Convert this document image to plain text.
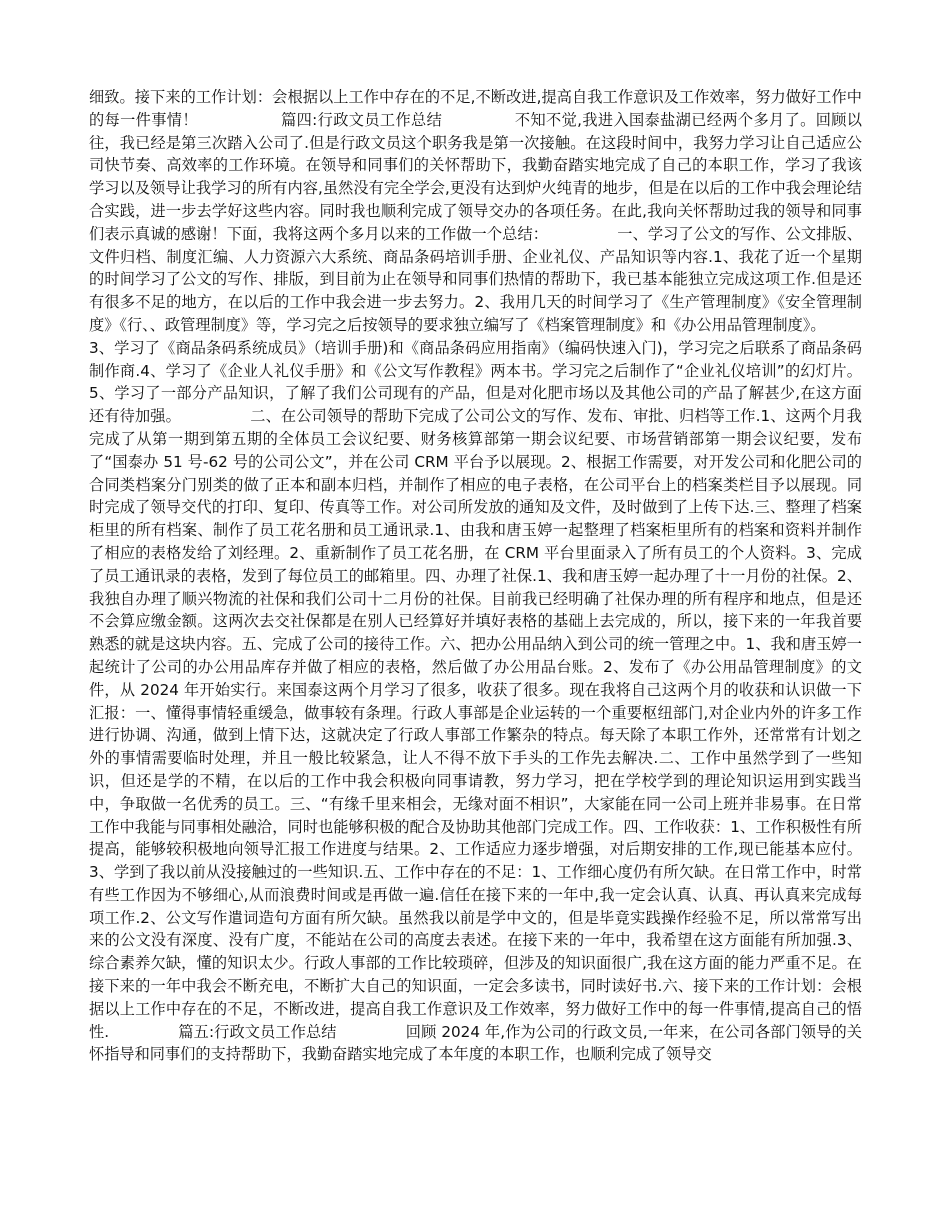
细致。接下来的工作计划：会根据以上工作中存在的不足,不断改进,提高自我工作意识及工作效率，努力做好工作中的每一件事情！                篇四:行政文员工作总结              不知不觉,我进入国泰盐湖已经两个多月了。回顾以往，我已经是第三次踏入公司了.但是行政文员这个职务我是第一次接触。在这段时间中，我努力学习让自己适应公司快节奏、高效率的工作环境。在领导和同事们的关怀帮助下，我勤奋踏实地完成了自己的本职工作，学习了我该学习以及领导让我学习的所有内容,虽然没有完全学会,更没有达到炉火纯青的地步，但是在以后的工作中我会理论结合实践，进一步去学好这些内容。同时我也顺利完成了领导交办的各项任务。在此,我向关怀帮助过我的领导和同事们表示真诚的感谢！下面，我将这两个多月以来的工作做一个总结：              一、学习了公文的写作、公文排版、文件归档、制度汇编、人力资源六大系统、商品条码培训手册、企业礼仪、产品知识等内容.1、我花了近一个星期的时间学习了公文的写作、排版，到目前为止在领导和同事们热情的帮助下，我已基本能独立完成这项工作.但是还有很多不足的地方，在以后的工作中我会进一步去努力。2、我用几天的时间学习了《生产管理制度》《安全管理制度》《行、、政管理制度》等，学习完之后按领导的要求独立编写了《档案管理制度》和《办公用品管理制度》。
3、学习了《商品条码系统成员》（培训手册)和《商品条码应用指南》（编码快速入门)，学习完之后联系了商品条码制作商.4、学习了《企业人礼仪手册》和《公文写作教程》两本书。学习完之后制作了“企业礼仪培训”的幻灯片。5、学习了一部分产品知识，了解了我们公司现有的产品，但是对化肥市场以及其他公司的产品了解甚少,在这方面还有待加强。              二、在公司领导的帮助下完成了公司公文的写作、发布、审批、归档等工作.1、这两个月我完成了从第一期到第五期的全体员工会议纪要、财务核算部第一期会议纪要、市场营销部第一期会议纪要，发布了“国泰办 51 号-62 号的公司公文”，并在公司 CRM 平台予以展现。2、根据工作需要，对开发公司和化肥公司的合同类档案分门别类的做了正本和副本归档，并制作了相应的电子表格，在公司平台上的档案类栏目予以展现。同时完成了领导交代的打印、复印、传真等工作。对公司所发放的通知及文件，及时做到了上传下达.三、整理了档案柜里的所有档案、制作了员工花名册和员工通讯录.1、由我和唐玉婷一起整理了档案柜里所有的档案和资料并制作了相应的表格发给了刘经理。2、重新制作了员工花名册，在 CRM 平台里面录入了所有员工的个人资料。3、完成了员工通讯录的表格，发到了每位员工的邮箱里。四、办理了社保.1、我和唐玉婷一起办理了十一月份的社保。2、我独自办理了顺兴物流的社保和我们公司十二月份的社保。目前我已经明确了社保办理的所有程序和地点，但是还不会算应缴金额。这两次去交社保都是在别人已经算好并填好表格的基础上去完成的，所以，接下来的一年我首要熟悉的就是这块内容。五、完成了公司的接待工作。六、把办公用品纳入到公司的统一管理之中。1、我和唐玉婷一起统计了公司的办公用品库存并做了相应的表格，然后做了办公用品台账。2、发布了《办公用品管理制度》的文件，从 2024 年开始实行。来国泰这两个月学习了很多，收获了很多。现在我将自己这两个月的收获和认识做一下汇报：一、懂得事情轻重缓急，做事较有条理。行政人事部是企业运转的一个重要枢纽部门,对企业内外的许多工作进行协调、沟通，做到上情下达，这就决定了行政人事部工作繁杂的特点。每天除了本职工作外，还常常有计划之外的事情需要临时处理，并且一般比较紧急，让人不得不放下手头的工作先去解决.二、工作中虽然学到了一些知识，但还是学的不精，在以后的工作中我会积极向同事请教，努力学习，把在学校学到的理论知识运用到实践当中，争取做一名优秀的员工。三、“有缘千里来相会，无缘对面不相识”，大家能在同一公司上班并非易事。在日常工作中我能与同事相处融洽，同时也能够积极的配合及协助其他部门完成工作。四、工作收获：1、工作积极性有所提高，能够较积极地向领导汇报工作进度与结果。2、工作适应力逐步增强，对后期安排的工作,现已能基本应付。3、学到了我以前从没接触过的一些知识.五、工作中存在的不足：1、工作细心度仍有所欠缺。在日常工作中，时常有些工作因为不够细心,从而浪费时间或是再做一遍.信任在接下来的一年中,我一定会认真、认真、再认真来完成每项工作.2、公文写作遣词造句方面有所欠缺。虽然我以前是学中文的，但是毕竟实践操作经验不足，所以常常写出来的公文没有深度、没有广度，不能站在公司的高度去表述。在接下来的一年中，我希望在这方面能有所加强.3、综合素养欠缺，懂的知识太少。行政人事部的工作比较琐碎，但涉及的知识面很广,我在这方面的能力严重不足。在接下来的一年中我会不断充电，不断扩大自己的知识面，一定会多读书，同时读好书.六、接下来的工作计划：会根据以上工作中存在的不足，不断改进，提高自我工作意识及工作效率，努力做好工作中的每一件事情,提高自己的悟性.              篇五:行政文员工作总结              回顾 2024 年,作为公司的行政文员,一年来，在公司各部门领导的关怀指导和同事们的支持帮助下，我勤奋踏实地完成了本年度的本职工作，也顺利完成了领导交
